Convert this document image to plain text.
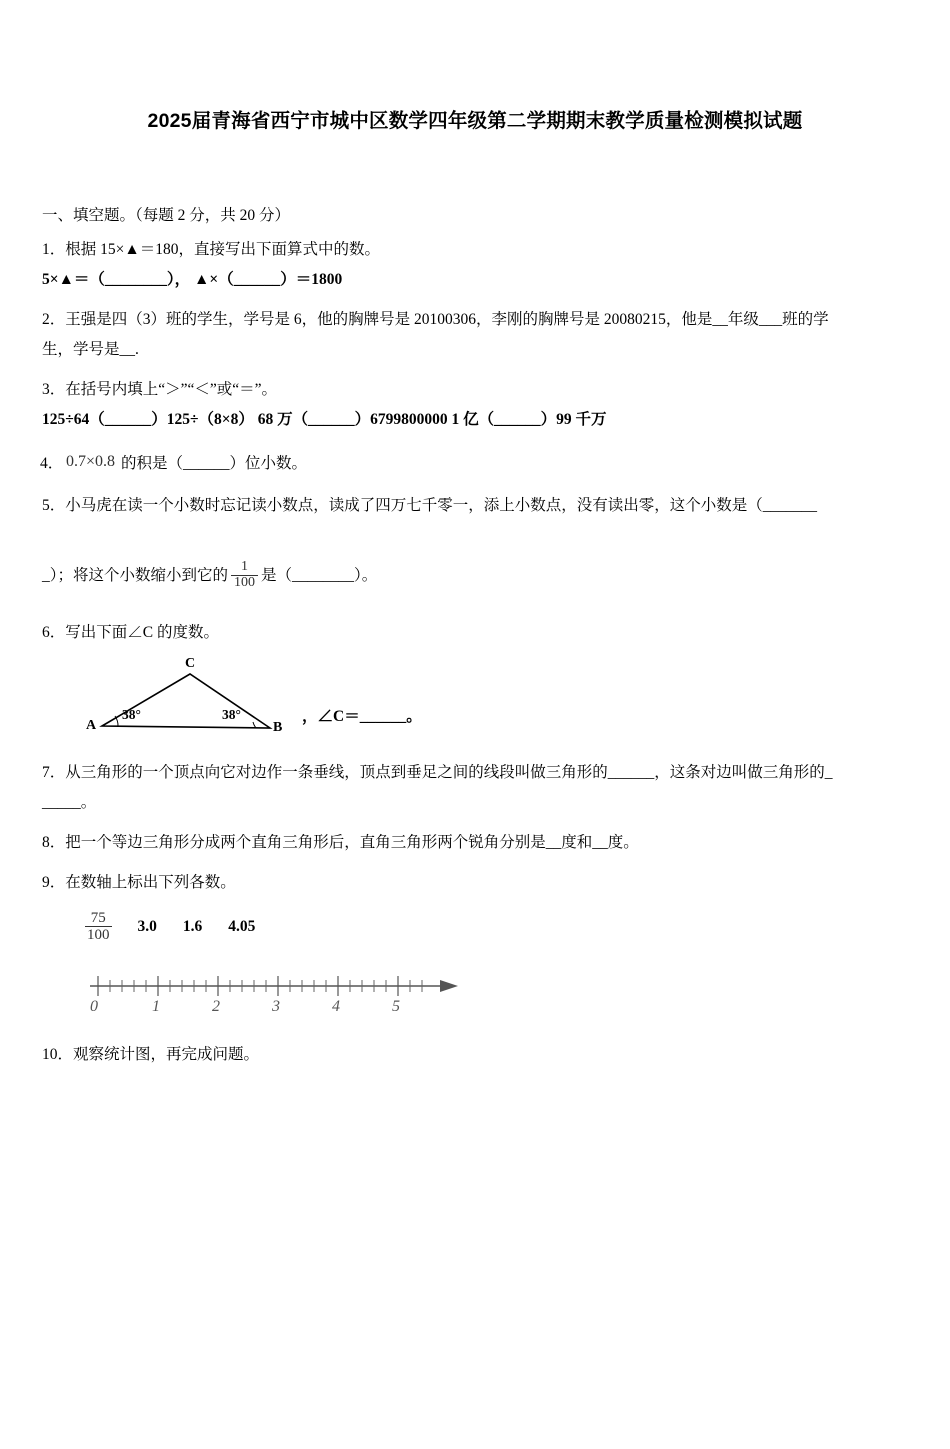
2025届青海省西宁市城中区数学四年级第二学期期末教学质量检测模拟试题
一、填空题。（每题 2 分，共 20 分）
1．根据 15×▲＝180，直接写出下面算式中的数。
5×▲＝（________）， ▲×（______）＝1800
2．王强是四（3）班的学生，学号是 6，他的胸牌号是 20100306，李刚的胸牌号是 20080215，他是__年级___班的学
生，学号是__.
3．在括号内填上“＞”“＜”或“＝”。
125÷64（______）125÷（8×8） 68 万（______）6799800000 1 亿（______）99 千万
4． 0.7×0.8 的积是（______）位小数。
5．小马虎在读一个小数时忘记读小数点，读成了四万七千零一，添上小数点，没有读出零，这个小数是（_______
_）；将这个小数缩小到它的 $\frac{1}{100}$ 是（________）。
6．写出下面∠C 的度数。
C
A	B
38°	38°	，∠C＝______。
7．从三角形的一个顶点向它对边作一条垂线，顶点到垂足之间的线段叫做三角形的______，这条对边叫做三角形的_
_____。
8．把一个等边三角形分成两个直角三角形后，直角三角形两个锐角分别是__度和__度。
9．在数轴上标出下列各数。
$\frac{75}{100} 3.0$ 1.6 4.05
0	1	2	3	4	5
10．观察统计图，再完成问题。
